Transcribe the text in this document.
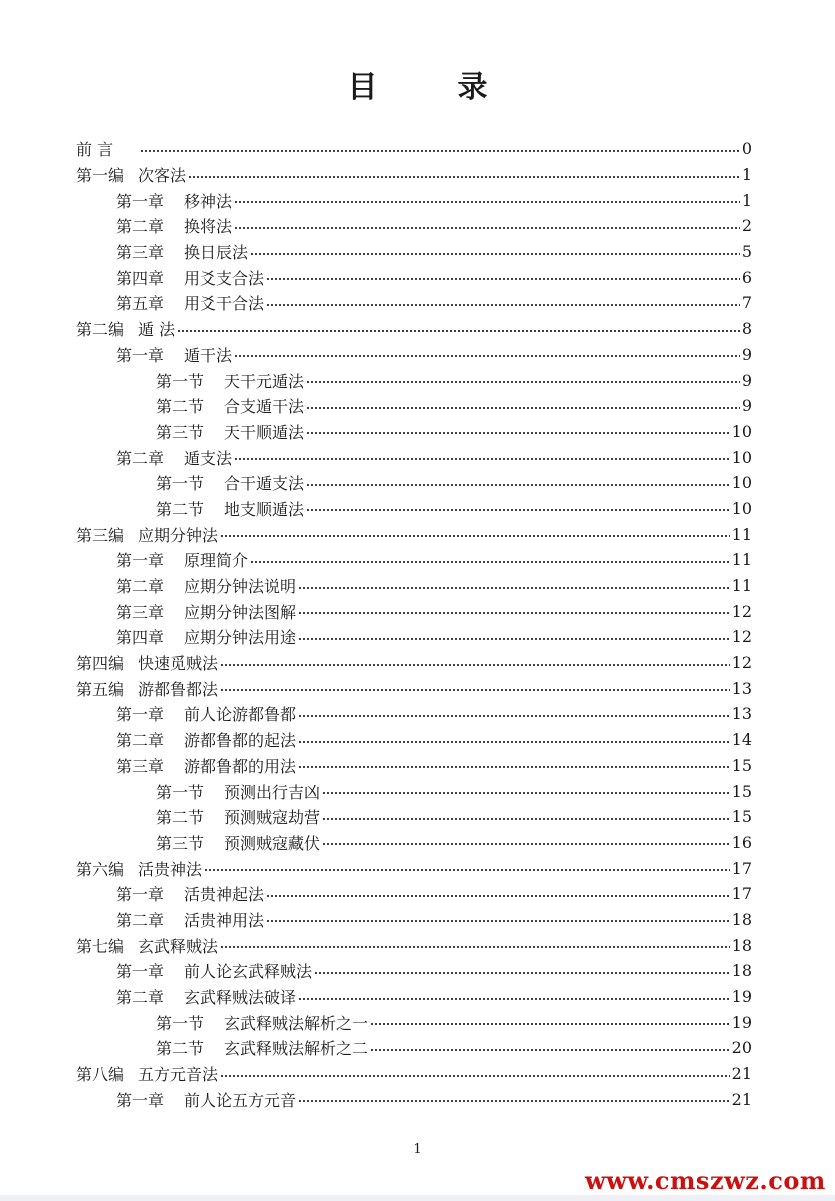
目	录
前 言	0
第一编 次客法	1
第一章	移神法	1
第二章	换将法	2
第三章	换日辰法	5
第四章	用爻支合法	6
第五章	用爻干合法	7
第二编 遁 法	8
第一章	遁干法	9
第一节	天干元遁法	9
第二节	合支遁干法	9
第三节	天干顺遁法	10
第二章	遁支法	10
第一节	合干遁支法	10
第二节	地支顺遁法	10
第三编 应期分钟法	11
第一章	原理简介	11
第二章	应期分钟法说明	11
第三章	应期分钟法图解	12
第四章	应期分钟法用途	12
第四编 快速觅贼法	12
第五编 游都鲁都法	13
第一章	前人论游都鲁都	13
第二章	游都鲁都的起法	14
第三章	游都鲁都的用法	15
第一节	预测出行吉凶	15
第二节	预测贼寇劫营	15
第三节	预测贼寇藏伏	16
第六编 活贵神法	17
第一章	活贵神起法	17
第二章	活贵神用法	18
第七编 玄武释贼法	18
第一章	前人论玄武释贼法	18
第二章	玄武释贼法破译	19
第一节	玄武释贼法解析之一	19
第二节	玄武释贼法解析之二	20
第八编 五方元音法	21
第一章	前人论五方元音	21
1
www.cmszwz.com
